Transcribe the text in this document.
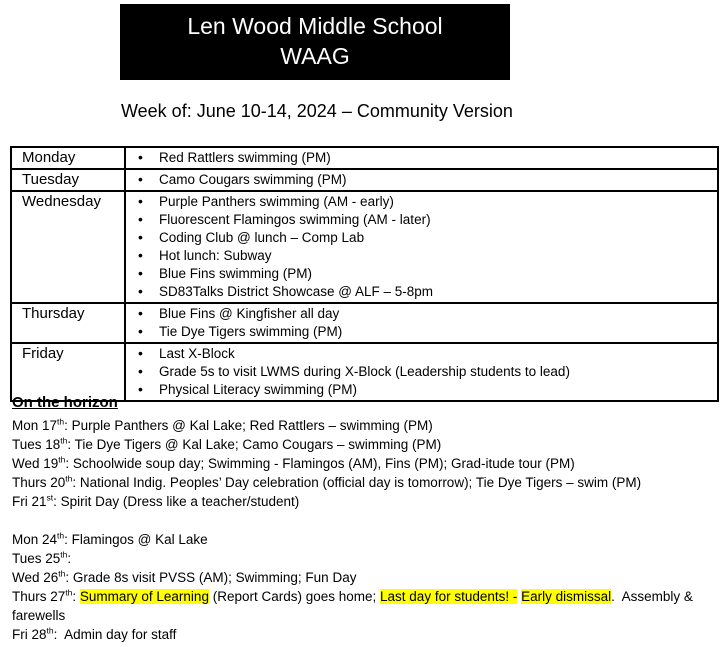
Len Wood Middle School
WAAG
Week of: June 10-14, 2024 – Community Version
Monday	• Red Rattlers swimming (PM)

Tuesday	• Camo Cougars swimming (PM)

Wednesday	• Purple Panthers swimming (AM - early)
• Fluorescent Flamingos swimming (AM - later)
• Coding Club @ lunch – Comp Lab
• Hot lunch: Subway
• Blue Fins swimming (PM)
• SD83Talks District Showcase @ ALF – 5-8pm

Thursday	• Blue Fins @ Kingfisher all day
• Tie Dye Tigers swimming (PM)

Friday	• Last X-Block
• Grade 5s to visit LWMS during X-Block (Leadership students to lead)
• Physical Literacy swimming (PM)
On the horizon
Mon 17th: Purple Panthers @ Kal Lake; Red Rattlers – swimming (PM)
Tues 18th: Tie Dye Tigers @ Kal Lake; Camo Cougars – swimming (PM)
Wed 19th: Schoolwide soup day; Swimming - Flamingos (AM), Fins (PM); Grad-itude tour (PM)
Thurs 20th: National Indig. Peoples’ Day celebration (official day is tomorrow); Tie Dye Tigers – swim (PM)
Fri 21st: Spirit Day (Dress like a teacher/student)

Mon 24th: Flamingos @ Kal Lake
Tues 25th:
Wed 26th: Grade 8s visit PVSS (AM); Swimming; Fun Day
Thurs 27th: Summary of Learning (Report Cards) goes home; Last day for students! - Early dismissal.  Assembly & farewells
Fri 28th:  Admin day for staff
